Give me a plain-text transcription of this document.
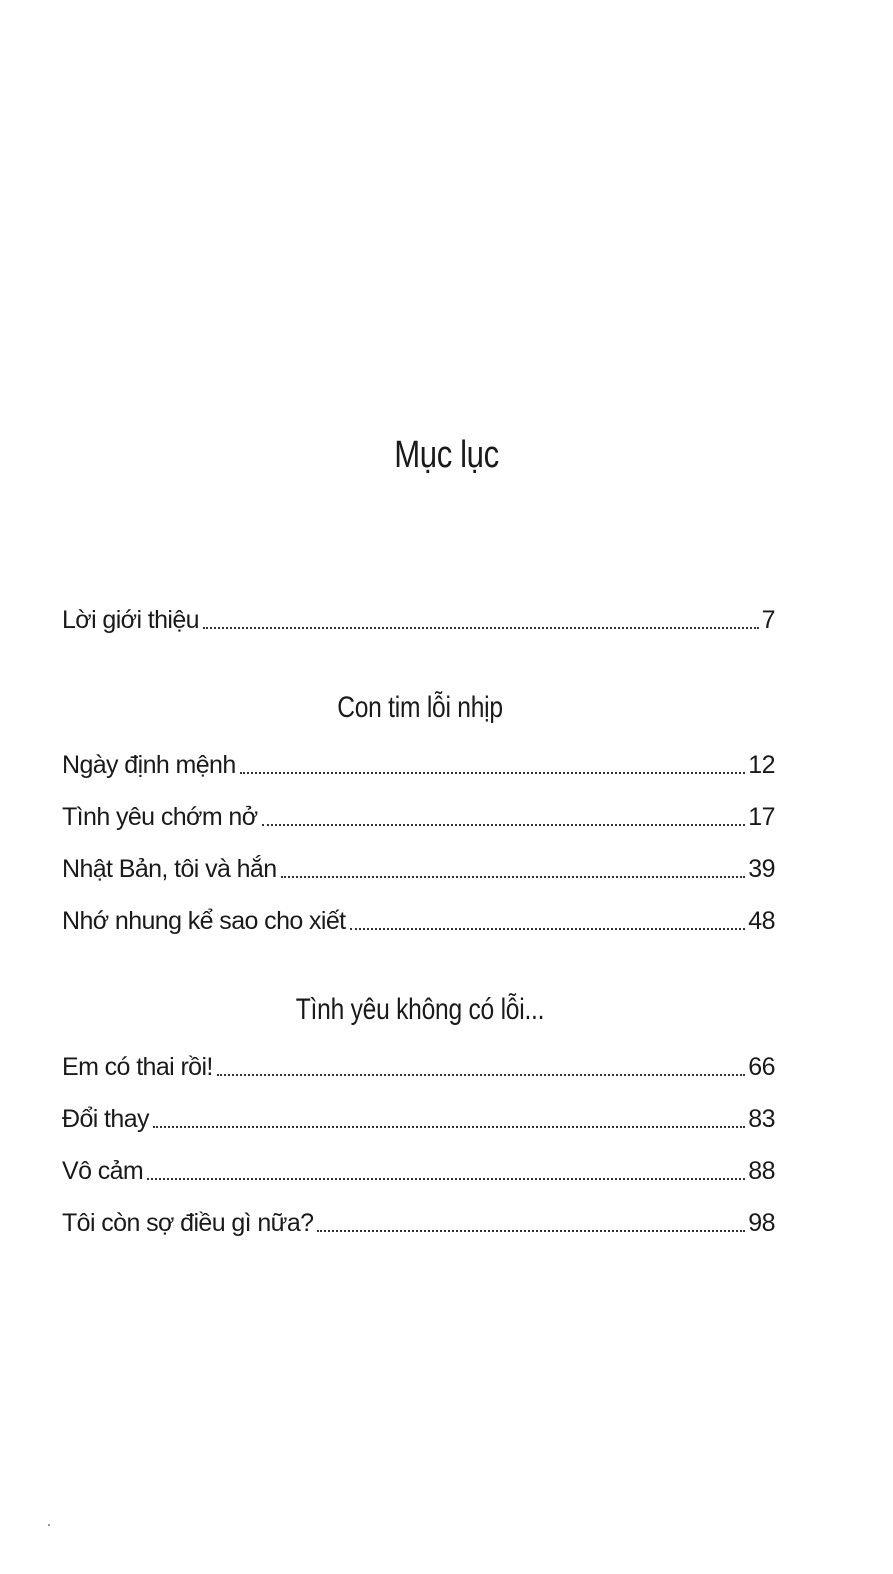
Mục lục
Lời giới thiệu	7
Con tim lỗi nhịp
Ngày định mệnh	12
Tình yêu chớm nở	17
Nhật Bản, tôi và hắn	39
Nhớ nhung kể sao cho xiết	48
Tình yêu không có lỗi...
Em có thai rồi!	66
Đổi thay	83
Vô cảm	88
Tôi còn sợ điều gì nữa?	98
